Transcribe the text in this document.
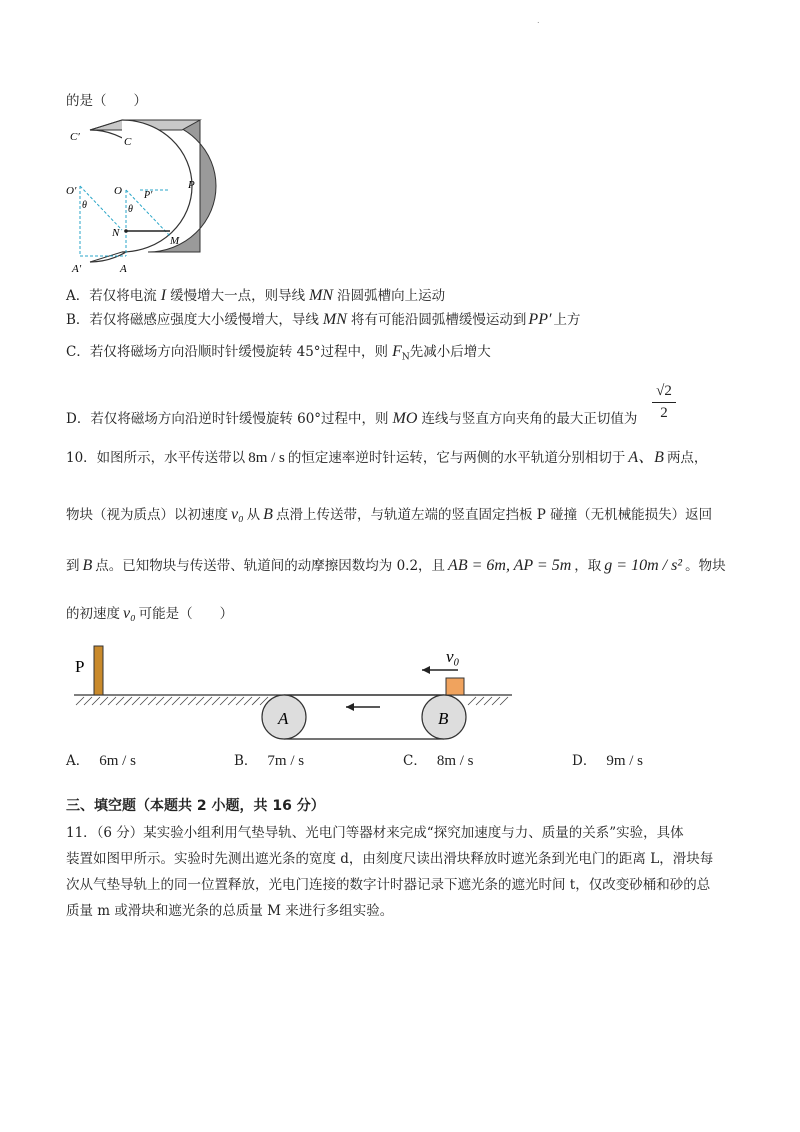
.
的是（　　）
C′	C
O′	O P′
P
θ	θ
N
M
A′	A
A．若仅将电流 I 缓慢增大一点，则导线 MN 沿圆弧槽向上运动
B．若仅将磁感应强度大小缓慢增大，导线 MN 将有可能沿圆弧槽缓慢运动到 PP′ 上方
C．若仅将磁场方向沿顺时针缓慢旋转 45°过程中，则 $F_N$先减小后增大
D．若仅将磁场方向沿逆时针缓慢旋转 60°过程中，则 MO 连线与竖直方向夹角的最大正切值为
√2
2
10．如图所示，水平传送带以 8m / s 的恒定速率逆时针运转，它与两侧的水平轨道分别相切于 A、B 两点，
物块（视为质点）以初速度 v₀ 从 B 点滑上传送带，与轨道左端的竖直固定挡板 P 碰撞（无机械能损失）返回
到 B 点。已知物块与传送带、轨道间的动摩擦因数均为 0.2，且 AB = 6m, AP = 5m ，取 g = 10m / s² 。物块
的初速度 v₀ 可能是（　　）
P
A	B
v₀
A． 6m / s	B． 7m / s	C． 8m / s	D． 9m / s
三、填空题（本题共 2 小题，共 16 分）
11．（6 分）某实验小组利用气垫导轨、光电门等器材来完成“探究加速度与力、质量的关系”实验，具体
装置如图甲所示。实验时先测出遮光条的宽度 d，由刻度尺读出滑块释放时遮光条到光电门的距离 L，滑块每
次从气垫导轨上的同一位置释放，光电门连接的数字计时器记录下遮光条的遮光时间 t，仅改变砂桶和砂的总
质量 m 或滑块和遮光条的总质量 M 来进行多组实验。
